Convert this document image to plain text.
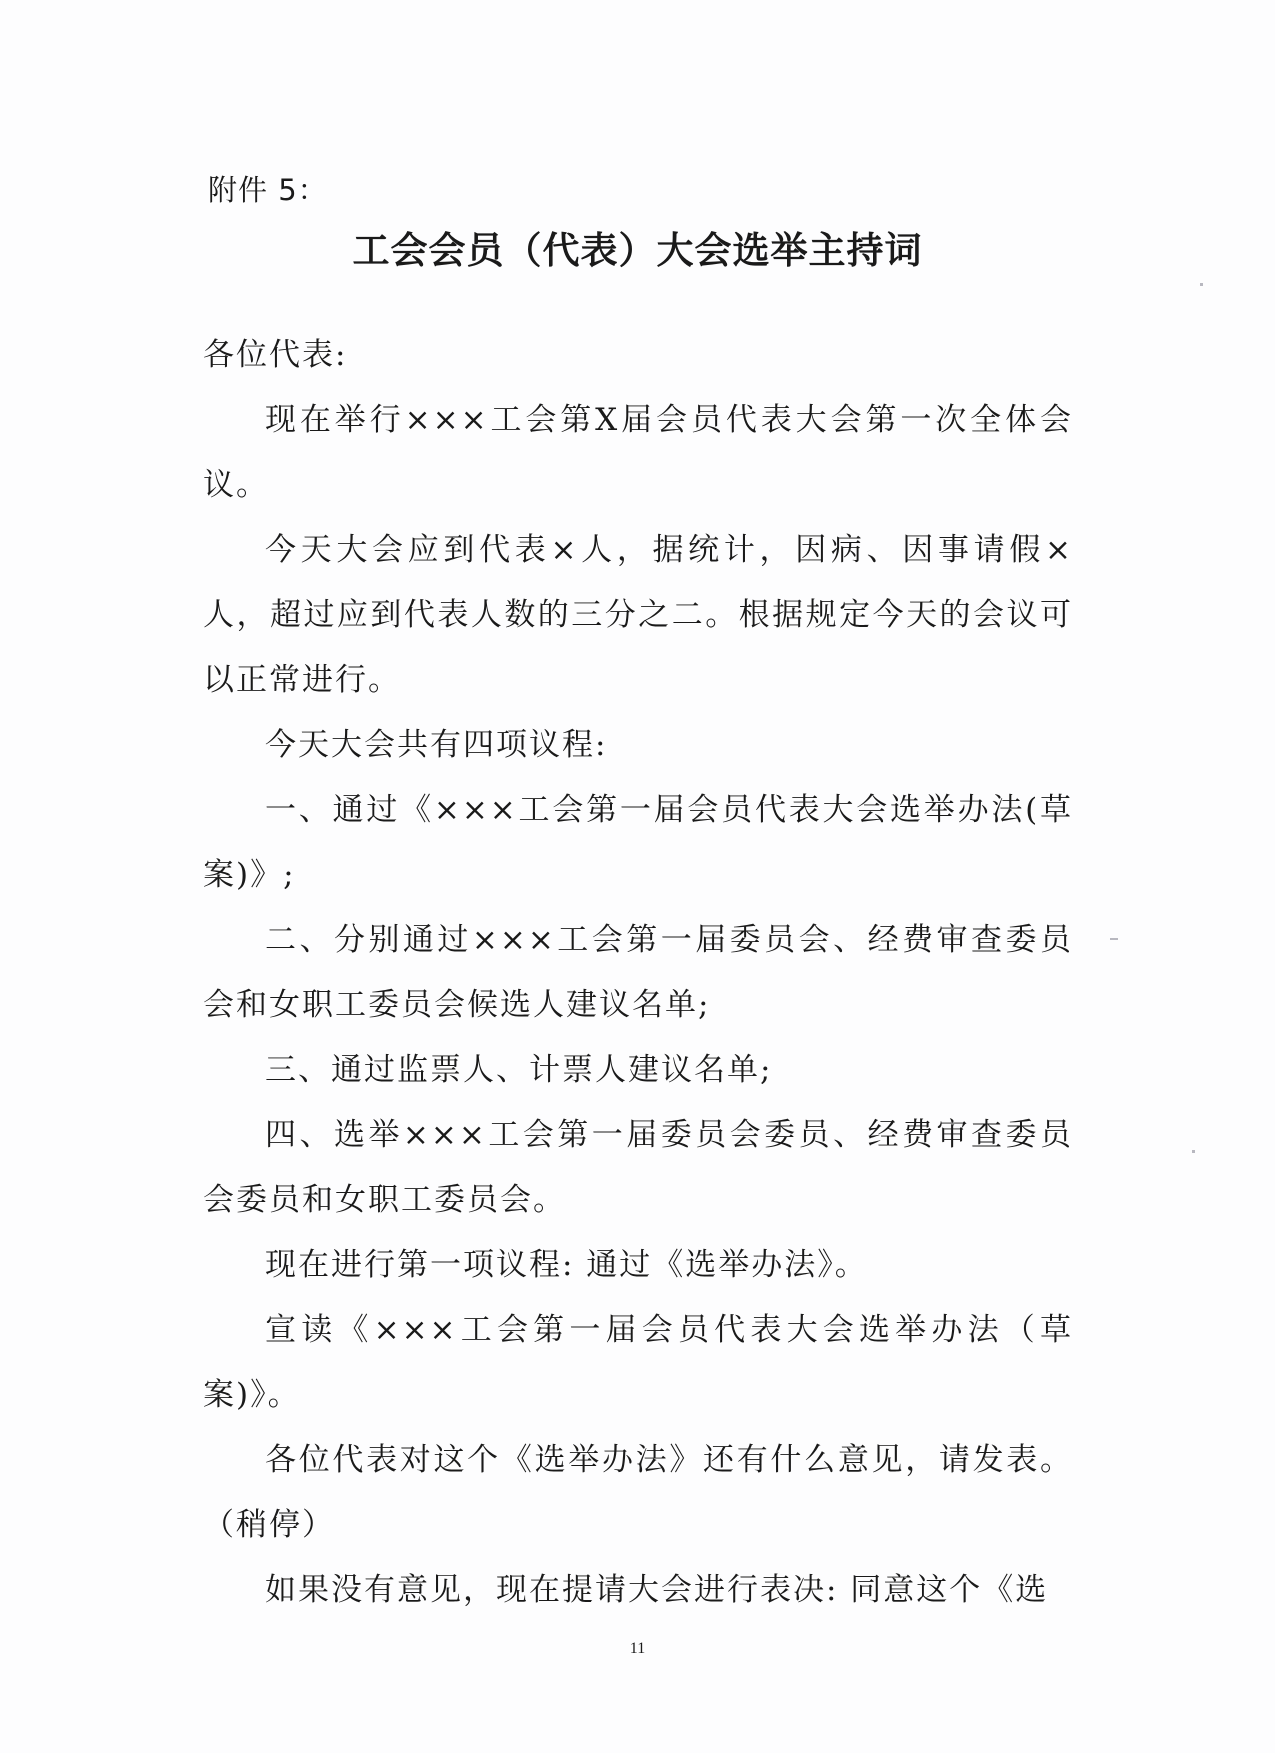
附件 5：
工会会员（代表）大会选举主持词

各位代表:

现在举行×××工会第X届会员代表大会第一次全体会议。

今天大会应到代表×人，据统计，因病、因事请假×人，超过应到代表人数的三分之二。根据规定今天的会议可以正常进行。

今天大会共有四项议程:

一、通过《×××工会第一届会员代表大会选举办法(草案)》;

二、分别通过×××工会第一届委员会、经费审查委员会和女职工委员会候选人建议名单;

三、通过监票人、计票人建议名单;

四、选举×××工会第一届委员会委员、经费审查委员会委员和女职工委员会。

现在进行第一项议程: 通过《选举办法》。

宣读《×××工会第一届会员代表大会选举办法（草案)》。

各位代表对这个《选举办法》还有什么意见，请发表。（稍停）

如果没有意见，现在提请大会进行表决: 同意这个《选

11
